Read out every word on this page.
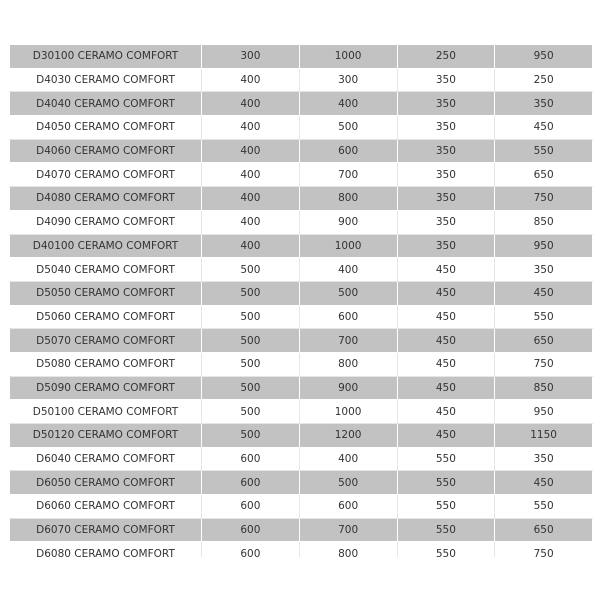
D30100 CERAMO COMFORT	300	1000	250	950
D4030 CERAMO COMFORT	400	300	350	250
D4040 CERAMO COMFORT	400	400	350	350
D4050 CERAMO COMFORT	400	500	350	450
D4060 CERAMO COMFORT	400	600	350	550
D4070 CERAMO COMFORT	400	700	350	650
D4080 CERAMO COMFORT	400	800	350	750
D4090 CERAMO COMFORT	400	900	350	850
D40100 CERAMO COMFORT	400	1000	350	950
D5040 CERAMO COMFORT	500	400	450	350
D5050 CERAMO COMFORT	500	500	450	450
D5060 CERAMO COMFORT	500	600	450	550
D5070 CERAMO COMFORT	500	700	450	650
D5080 CERAMO COMFORT	500	800	450	750
D5090 CERAMO COMFORT	500	900	450	850
D50100 CERAMO COMFORT	500	1000	450	950
D50120 CERAMO COMFORT	500	1200	450	1150
D6040 CERAMO COMFORT	600	400	550	350
D6050 CERAMO COMFORT	600	500	550	450
D6060 CERAMO COMFORT	600	600	550	550
D6070 CERAMO COMFORT	600	700	550	650
D6080 CERAMO COMFORT	600	800	550	750
